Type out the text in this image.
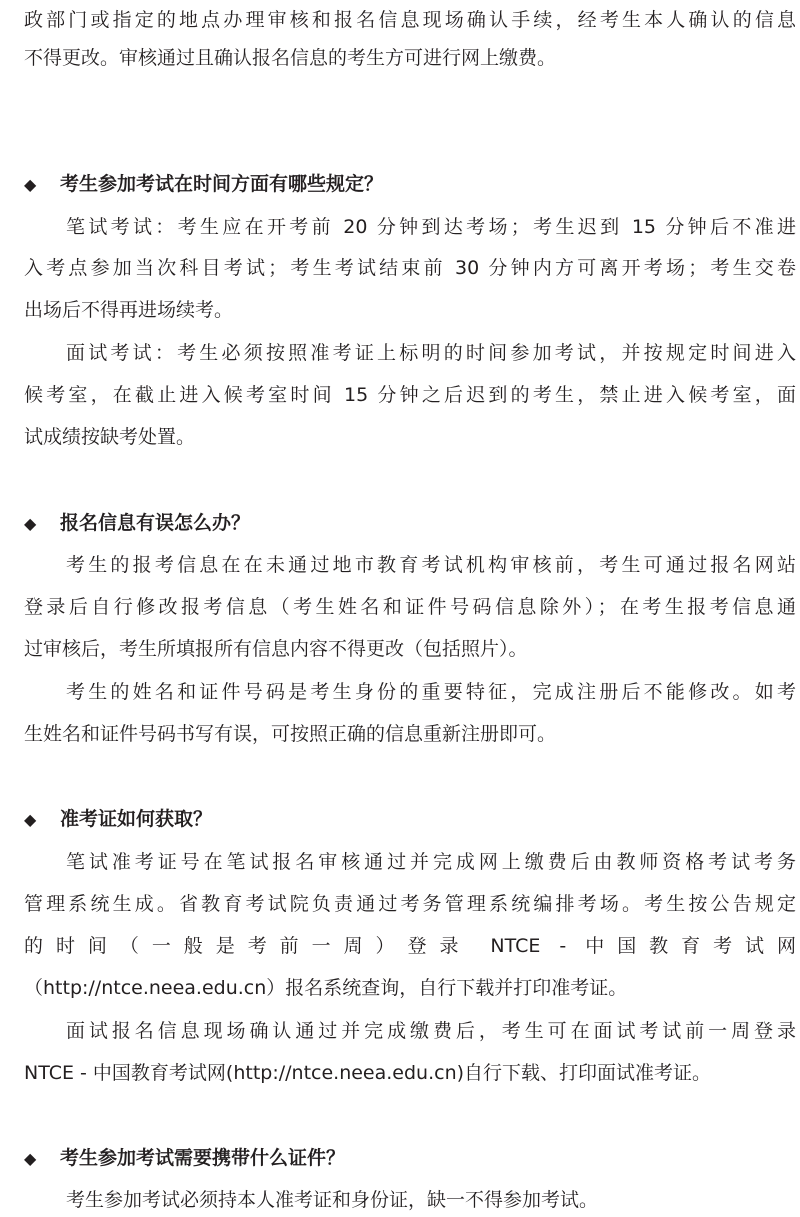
政部门或指定的地点办理审核和报名信息现场确认手续，经考生本人确认的信息
不得更改。审核通过且确认报名信息的考生方可进行网上缴费。
◆ 考生参加考试在时间方面有哪些规定？
笔试考试：考生应在开考前 20 分钟到达考场；考生迟到 15 分钟后不准进
入考点参加当次科目考试；考生考试结束前 30 分钟内方可离开考场；考生交卷
出场后不得再进场续考。
面试考试：考生必须按照准考证上标明的时间参加考试，并按规定时间进入
候考室，在截止进入候考室时间 15 分钟之后迟到的考生，禁止进入候考室，面
试成绩按缺考处置。
◆ 报名信息有误怎么办？
考生的报考信息在在未通过地市教育考试机构审核前，考生可通过报名网站
登录后自行修改报考信息（考生姓名和证件号码信息除外）；在考生报考信息通
过审核后，考生所填报所有信息内容不得更改（包括照片）。
考生的姓名和证件号码是考生身份的重要特征，完成注册后不能修改。如考
生姓名和证件号码书写有误，可按照正确的信息重新注册即可。
◆ 准考证如何获取？
笔试准考证号在笔试报名审核通过并完成网上缴费后由教师资格考试考务
管理系统生成。省教育考试院负责通过考务管理系统编排考场。考生按公告规定
的时间（一般是考前一周）登录 NTCE - 中国教育考试网
（http://ntce.neea.edu.cn）报名系统查询，自行下载并打印准考证。
面试报名信息现场确认通过并完成缴费后，考生可在面试考试前一周登录
NTCE - 中国教育考试网(http://ntce.neea.edu.cn)自行下载、打印面试准考证。
◆ 考生参加考试需要携带什么证件？
考生参加考试必须持本人准考证和身份证，缺一不得参加考试。
